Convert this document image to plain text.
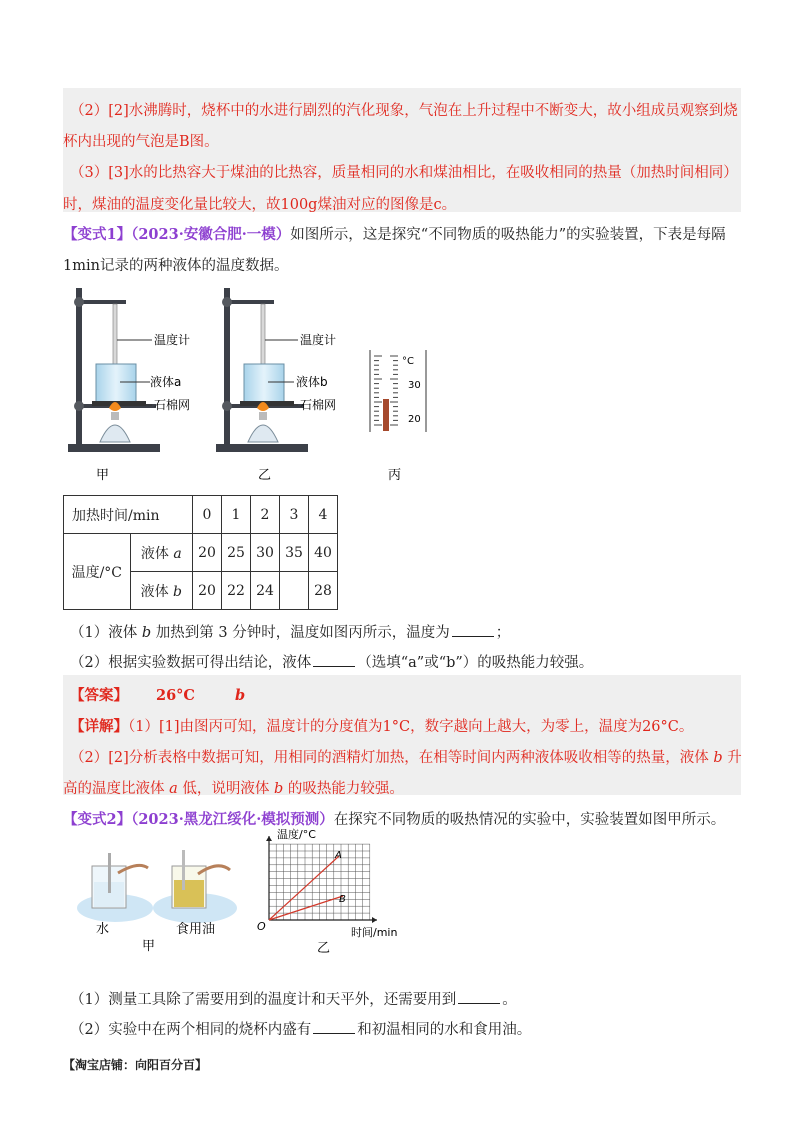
（2）[2]水沸腾时，烧杯中的水进行剧烈的汽化现象，气泡在上升过程中不断变大，故小组成员观察到烧
杯内出现的气泡是B图。
（3）[3]水的比热容大于煤油的比热容，质量相同的水和煤油相比，在吸收相同的热量（加热时间相同）
时，煤油的温度变化量比较大，故100g煤油对应的图像是c。
【变式1】（2023·安徽合肥·一模）如图所示，这是探究“不同物质的吸热能力”的实验装置，下表是每隔
1min记录的两种液体的温度数据。
温度计
液体a
石棉网
温度计
液体b
石棉网
°C
30
20
甲	乙	丙
加热时间/min		0	1	2	3	4
温度/°C	液体 a	20	25	30	35	40
	液体 b	20	22	24		28
（1）液体 b 加热到第 3 分钟时，温度如图丙所示，温度为	；
（2）根据实验数据可得出结论，液体	（选填“a”或“b”）的吸热能力较强。
【答案】 26°C	b
【详解】（1）[1]由图丙可知，温度计的分度值为1°C，数字越向上越大，为零上，温度为26°C。
（2）[2]分析表格中数据可知，用相同的酒精灯加热，在相等时间内两种液体吸收相等的热量，液体 b 升
高的温度比液体 a 低，说明液体 b 的吸热能力较强。
【变式2】（2023·黑龙江绥化·模拟预测）在探究不同物质的吸热情况的实验中，实验装置如图甲所示。
水	食用油
甲
温度/°C
时间/min
O
A
B
乙
（1）测量工具除了需要用到的温度计和天平外，还需要用到	。
（2）实验中在两个相同的烧杯内盛有	和初温相同的水和食用油。
【淘宝店铺：向阳百分百】
